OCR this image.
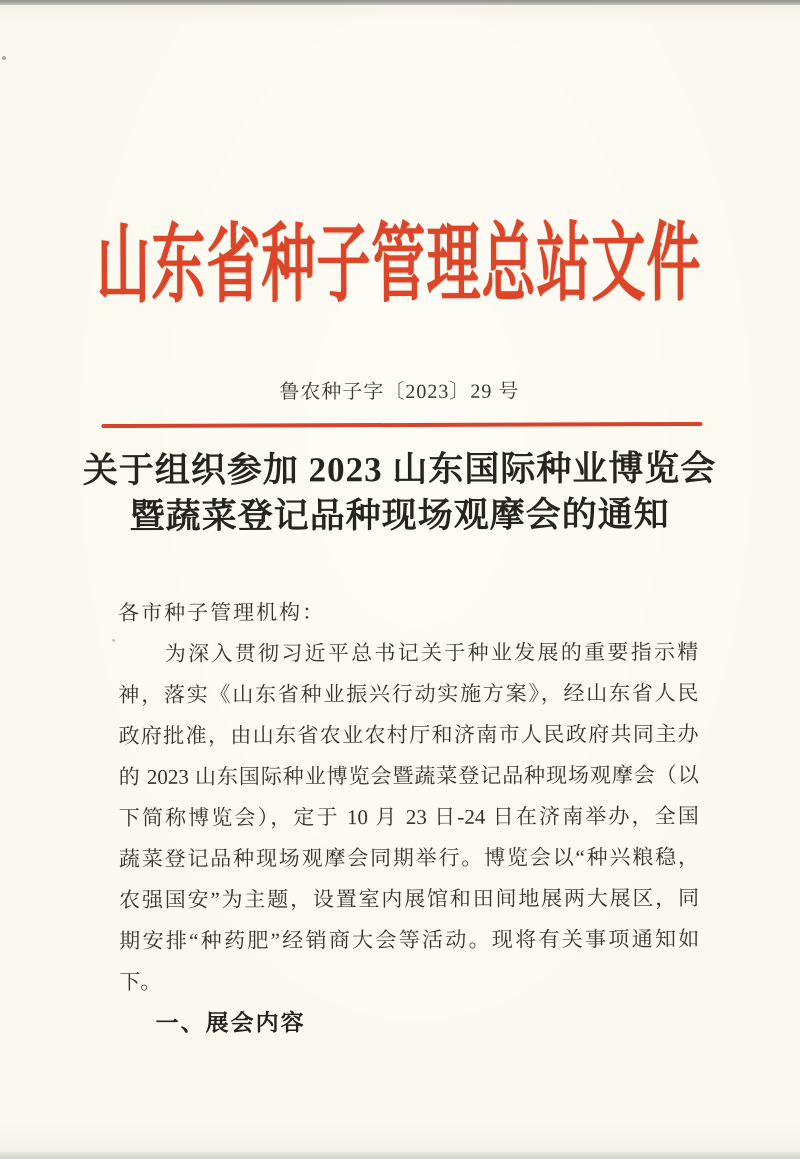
山东省种子管理总站文件
鲁农种子字〔2023〕29 号
关于组织参加 2023 山东国际种业博览会
暨蔬菜登记品种现场观摩会的通知
各市种子管理机构：
　　为深入贯彻习近平总书记关于种业发展的重要指示精
神，落实《山东省种业振兴行动实施方案》，经山东省人民
政府批准，由山东省农业农村厅和济南市人民政府共同主办
的 2023 山东国际种业博览会暨蔬菜登记品种现场观摩会（以
下简称博览会），定于 10 月 23 日-24 日在济南举办，全国
蔬菜登记品种现场观摩会同期举行。博览会以“种兴粮稳，
农强国安”为主题，设置室内展馆和田间地展两大展区，同
期安排“种药肥”经销商大会等活动。现将有关事项通知如
下。
一、展会内容
